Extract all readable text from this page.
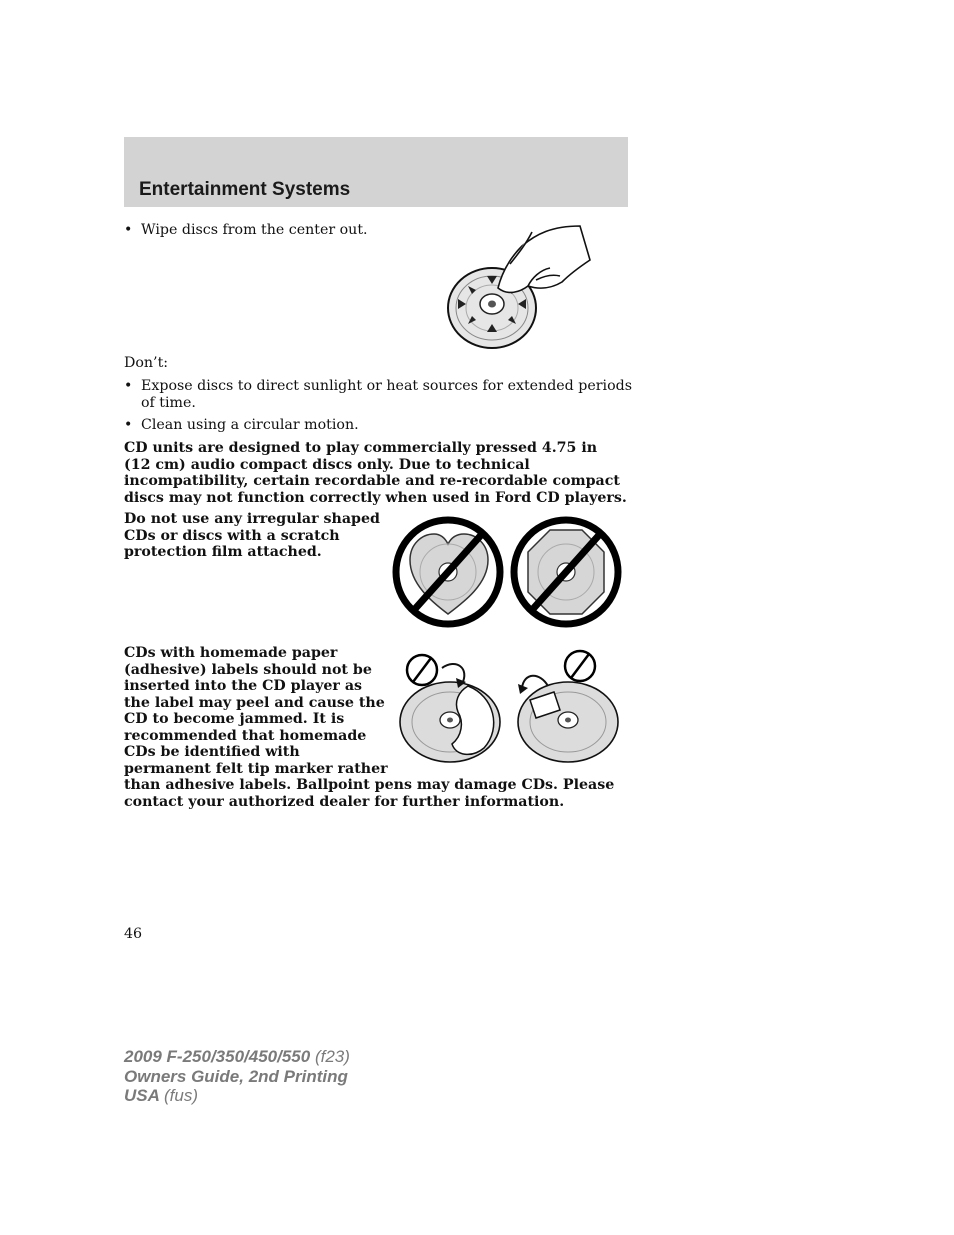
Entertainment Systems
• Wipe discs from the center out.
Don’t:
• Expose discs to direct sunlight or heat sources for extended periods
of time.
• Clean using a circular motion.
CD units are designed to play commercially pressed 4.75 in
(12 cm) audio compact discs only. Due to technical
incompatibility, certain recordable and re-recordable compact
discs may not function correctly when used in Ford CD players.
Do not use any irregular shaped
CDs or discs with a scratch
protection film attached.
CDs with homemade paper
(adhesive) labels should not be
inserted into the CD player as
the label may peel and cause the
CD to become jammed. It is
recommended that homemade
CDs be identified with
permanent felt tip marker rather
than adhesive labels. Ballpoint pens may damage CDs. Please
contact your authorized dealer for further information.
46
2009 F-250/350/450/550 (f23)
Owners Guide, 2nd Printing
USA (fus)
